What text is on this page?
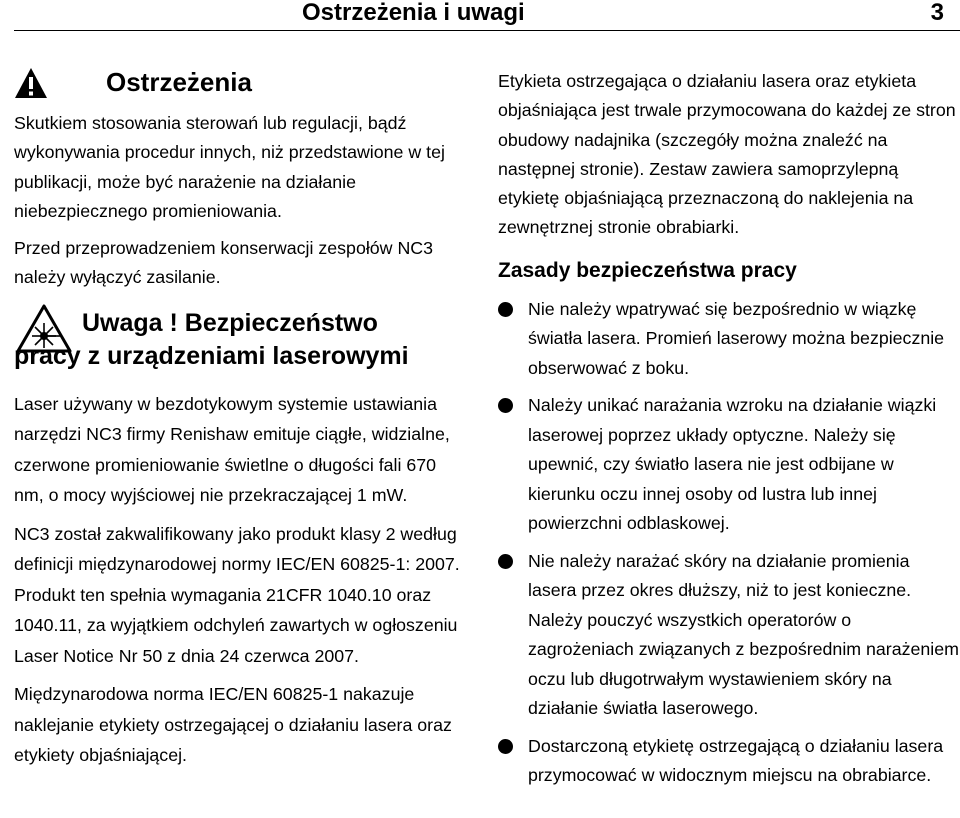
Ostrzeżenia i uwagi	3
Ostrzeżenia

Skutkiem stosowania sterowań lub regulacji, bądź wykonywania procedur innych, niż przedstawione w tej publikacji, może być narażenie na działanie niebezpiecznego promieniowania.

Przed przeprowadzeniem konserwacji zespołów NC3 należy wyłączyć zasilanie.

Uwaga ! Bezpieczeństwo
pracy z urządzeniami laserowymi

Laser używany w bezdotykowym systemie ustawiania narzędzi NC3 firmy Renishaw emituje ciągłe, widzialne, czerwone promieniowanie świetlne o długości fali 670 nm, o mocy wyjściowej nie przekraczającej 1 mW.

NC3 został zakwalifikowany jako produkt klasy 2 według definicji międzynarodowej normy IEC/EN 60825-1: 2007. Produkt ten spełnia wymagania 21CFR 1040.10 oraz 1040.11, za wyjątkiem odchyleń zawartych w ogłoszeniu Laser Notice Nr 50 z dnia 24 czerwca 2007.

Międzynarodowa norma IEC/EN 60825-1 nakazuje naklejanie etykiety ostrzegającej o działaniu lasera oraz etykiety objaśniającej.

Etykieta ostrzegająca o działaniu lasera oraz etykieta objaśniająca jest trwale przymocowana do każdej ze stron obudowy nadajnika (szczegóły można znaleźć na następnej stronie). Zestaw zawiera samoprzylepną etykietę objaśniającą przeznaczoną do naklejenia na zewnętrznej stronie obrabiarki.

Zasady bezpieczeństwa pracy
Nie należy wpatrywać się bezpośrednio w wiązkę światła lasera. Promień laserowy można bezpiecznie obserwować z boku.
Należy unikać narażania wzroku na działanie wiązki laserowej poprzez układy optyczne. Należy się upewnić, czy światło lasera nie jest odbijane w kierunku oczu innej osoby od lustra lub innej powierzchni odblaskowej.
Nie należy narażać skóry na działanie promienia lasera przez okres dłuższy, niż to jest konieczne. Należy pouczyć wszystkich operatorów o zagrożeniach związanych z bezpośrednim narażeniem oczu lub długotrwałym wystawieniem skóry na działanie światła laserowego.
Dostarczoną etykietę ostrzegającą o działaniu lasera przymocować w widocznym miejscu na obrabiarce.
